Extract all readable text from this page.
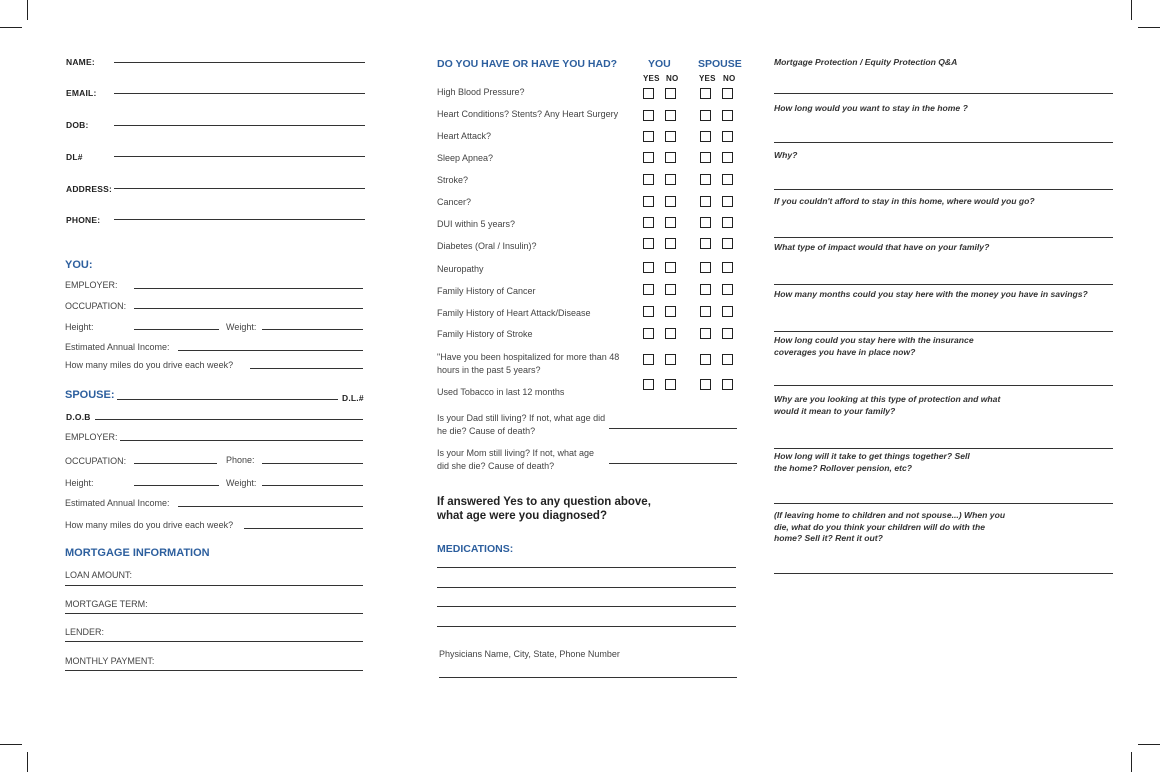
NAME:
EMAIL:
DOB:
DL#
ADDRESS:
PHONE:
YOU:
EMPLOYER:
OCCUPATION:
Height:	Weight:
Estimated Annual Income:
How many miles do you drive each week?
SPOUSE:	D.L.#
D.O.B
EMPLOYER:
OCCUPATION:	Phone:
Height:	Weight:
Estimated Annual Income:
How many miles do you drive each week?
MORTGAGE INFORMATION
LOAN AMOUNT:
MORTGAGE TERM:
LENDER:
MONTHLY PAYMENT:
DO YOU HAVE OR HAVE YOU HAD?	YOU	SPOUSE
YES NO	YES NO
High Blood Pressure?
Heart Conditions? Stents? Any Heart Surgery
Heart Attack?
Sleep Apnea?
Stroke?
Cancer?
DUI within 5 years?
Diabetes (Oral / Insulin)?
Neuropathy
Family History of Cancer
Family History of Heart Attack/Disease
Family History of Stroke
"Have you been hospitalized for more than 48 hours in the past 5 years?
Used Tobacco in last 12 months
Is your Dad still living? If not, what age did he die? Cause of death?
Is your Mom still living? If not, what age did she die? Cause of death?
If answered Yes to any question above, what age were you diagnosed?
MEDICATIONS:
Physicians Name, City, State, Phone Number
Mortgage Protection / Equity Protection Q&A
How long would you want to stay in the home ?
Why?
If you couldn't afford to stay in this home, where would you go?
What type of impact would that have on your family?
How many months could you stay here with the money you have in savings?
How long could you stay here with the insurance coverages you have in place now?
Why are you looking at this type of protection and what would it mean to your family?
How long will it take to get things together? Sell the home? Rollover pension, etc?
(If leaving home to children and not spouse...) When you die, what do you think your children will do with the home? Sell it? Rent it out?
